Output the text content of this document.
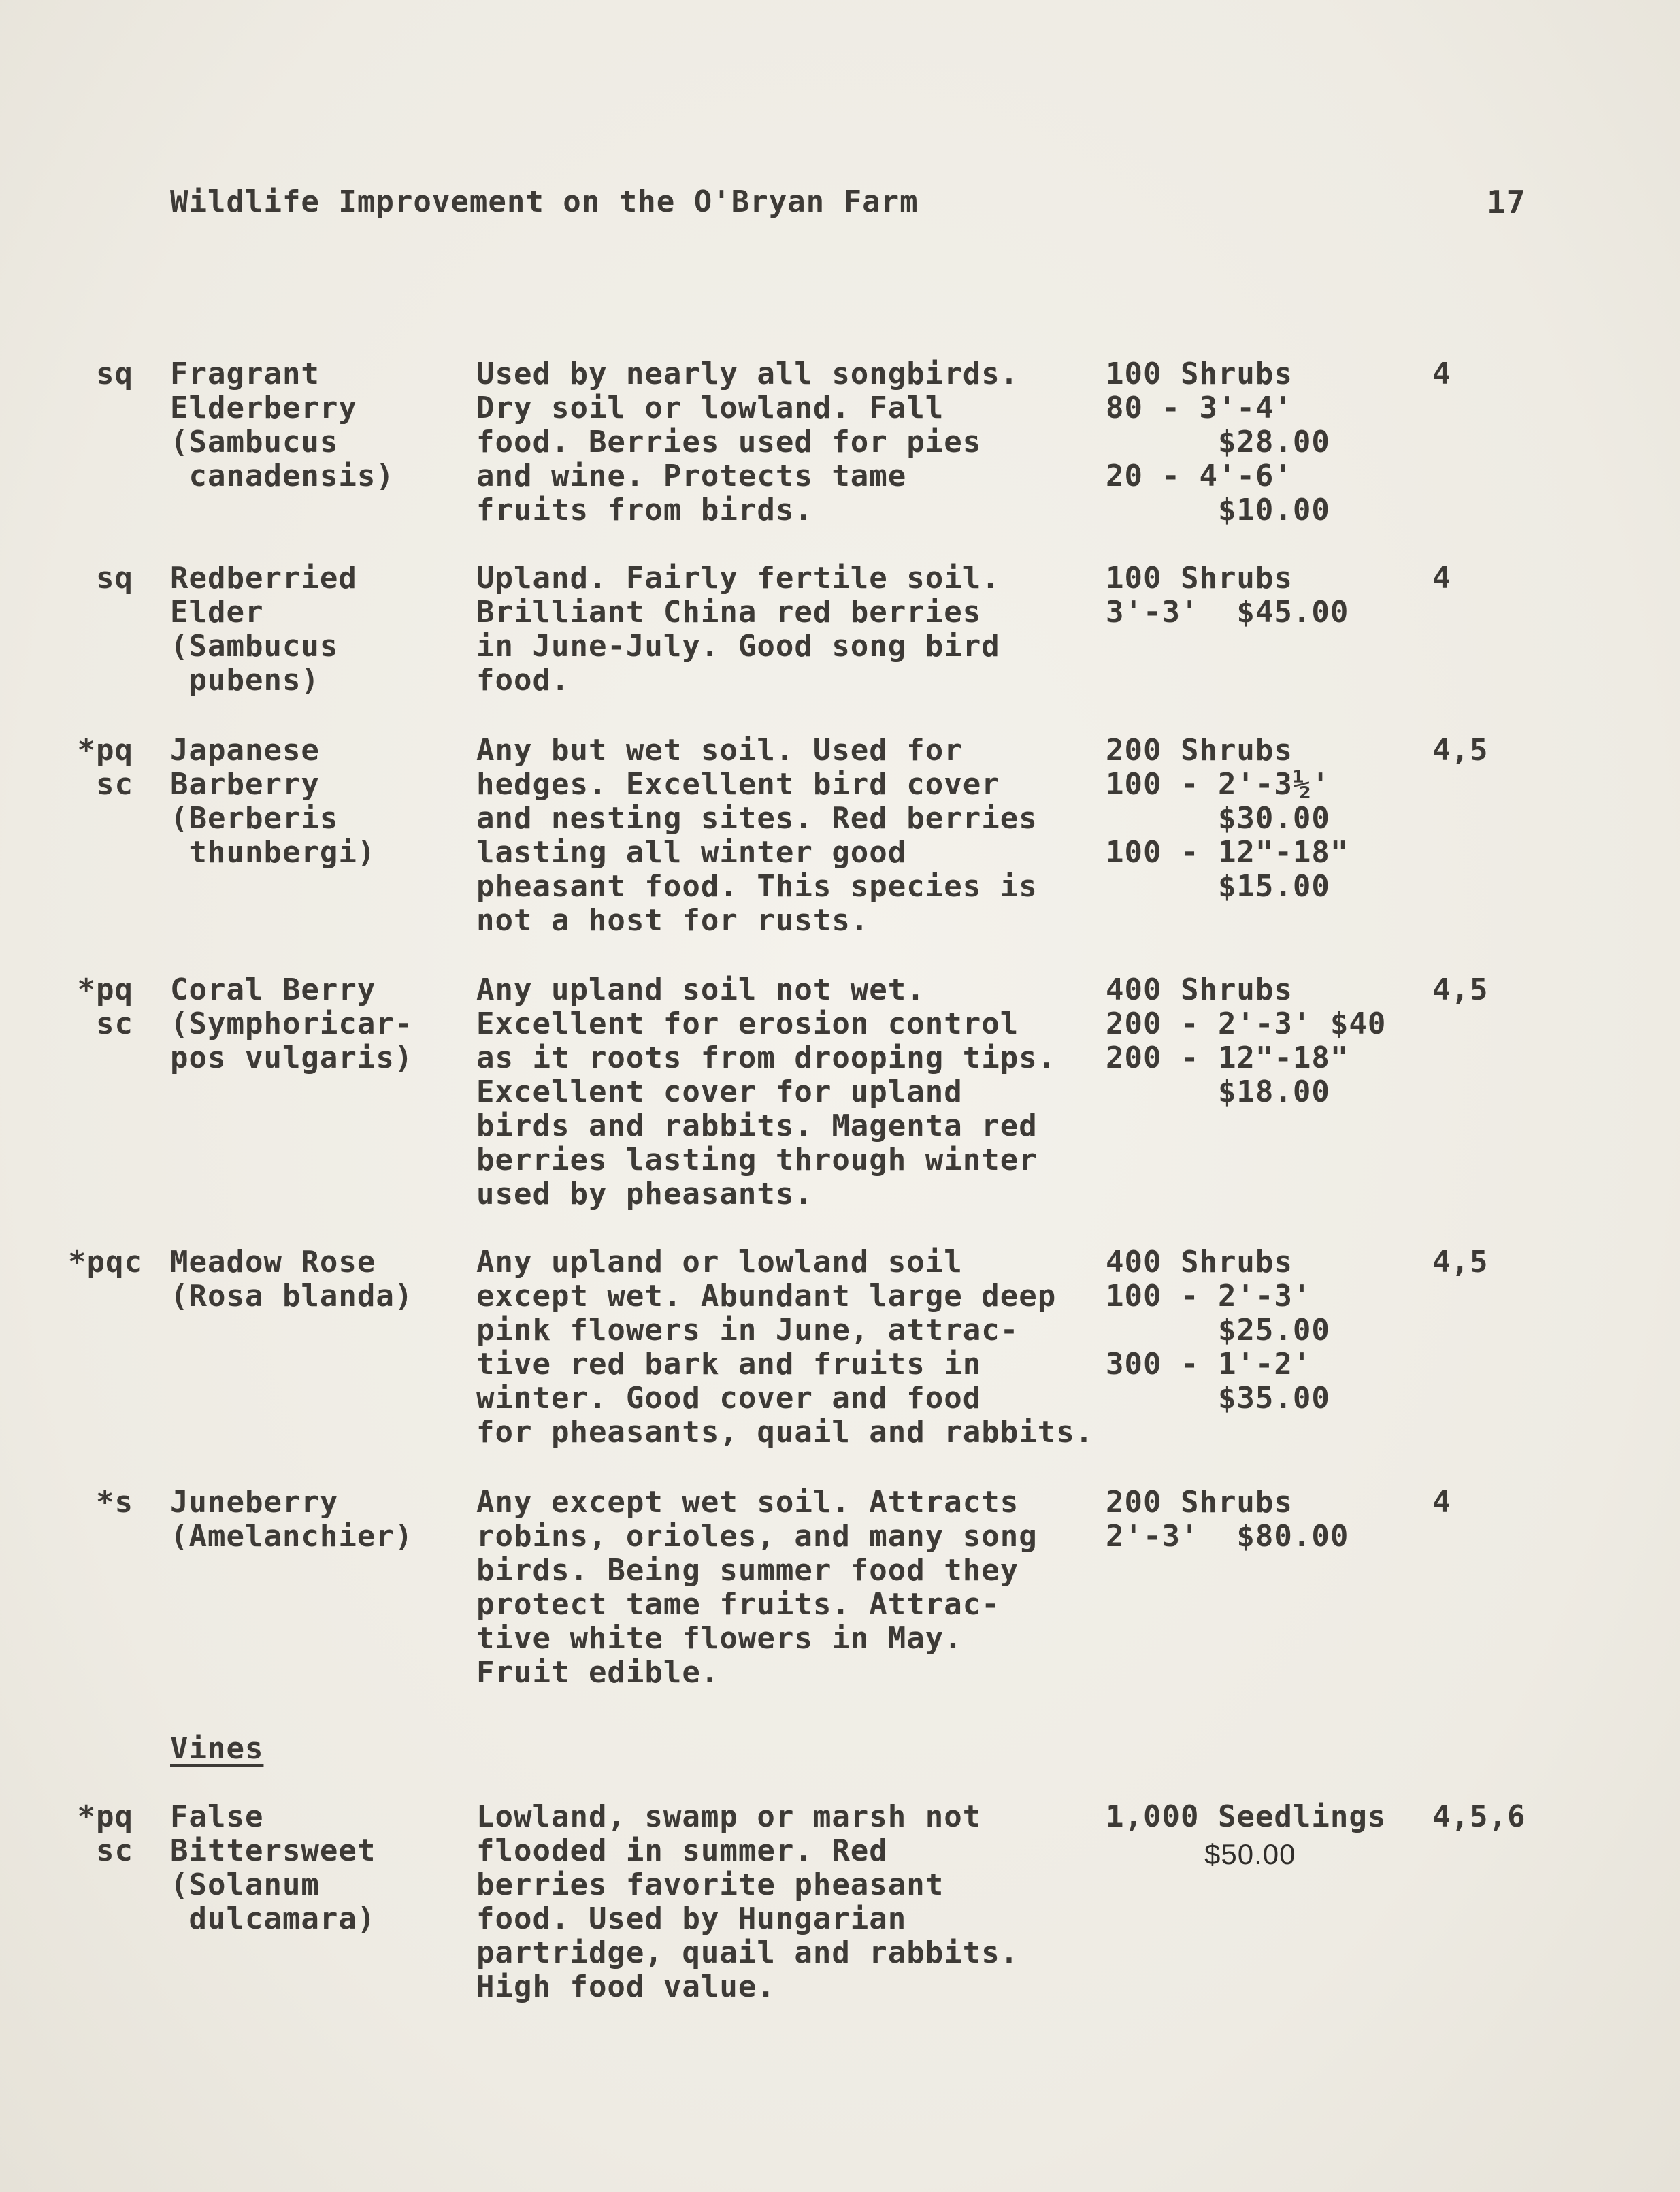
Wildlife Improvement on the O'Bryan Farm	17
sq Fragrant
Elderberry
(Sambucus
canadensis)
Used by nearly all songbirds.
Dry soil or lowland. Fall
food. Berries used for pies
and wine. Protects tame
fruits from birds.
100 Shrubs
80 - 3'-4'
$28.00
20 - 4'-6'
$10.00
4
sq Redberried
Elder
(Sambucus
pubens)
Upland. Fairly fertile soil.
Brilliant China red berries
in June-July. Good song bird
food.
100 Shrubs
3'-3'  $45.00
4
*pq
sc
Japanese
Barberry
(Berberis
thunbergi)
Any but wet soil. Used for
hedges. Excellent bird cover
and nesting sites. Red berries
lasting all winter good
pheasant food. This species is
not a host for rusts.
200 Shrubs
100 - 2'-3½'
$30.00
100 - 12"-18"
$15.00
4,5
*pq
sc
Coral Berry
(Symphoricar-
pos vulgaris)
Any upland soil not wet.
Excellent for erosion control
as it roots from drooping tips.
Excellent cover for upland
birds and rabbits. Magenta red
berries lasting through winter
used by pheasants.
400 Shrubs
200 - 2'-3' $40
200 - 12"-18"
$18.00
4,5
*pqc Meadow Rose
(Rosa blanda)
Any upland or lowland soil
except wet. Abundant large deep
pink flowers in June, attrac-
tive red bark and fruits in
winter. Good cover and food
for pheasants, quail and rabbits.
400 Shrubs
100 - 2'-3'
$25.00
300 - 1'-2'
$35.00
4,5
*s Juneberry
(Amelanchier)
Any except wet soil. Attracts
robins, orioles, and many song
birds. Being summer food they
protect tame fruits. Attrac-
tive white flowers in May.
Fruit edible.
200 Shrubs
2'-3'  $80.00
4
Vines
*pq
sc
False
Bittersweet
(Solanum
dulcamara)
Lowland, swamp or marsh not
flooded in summer. Red
berries favorite pheasant
food. Used by Hungarian
partridge, quail and rabbits.
High food value.
1,000 Seedlings
$50.00
4,5,6
